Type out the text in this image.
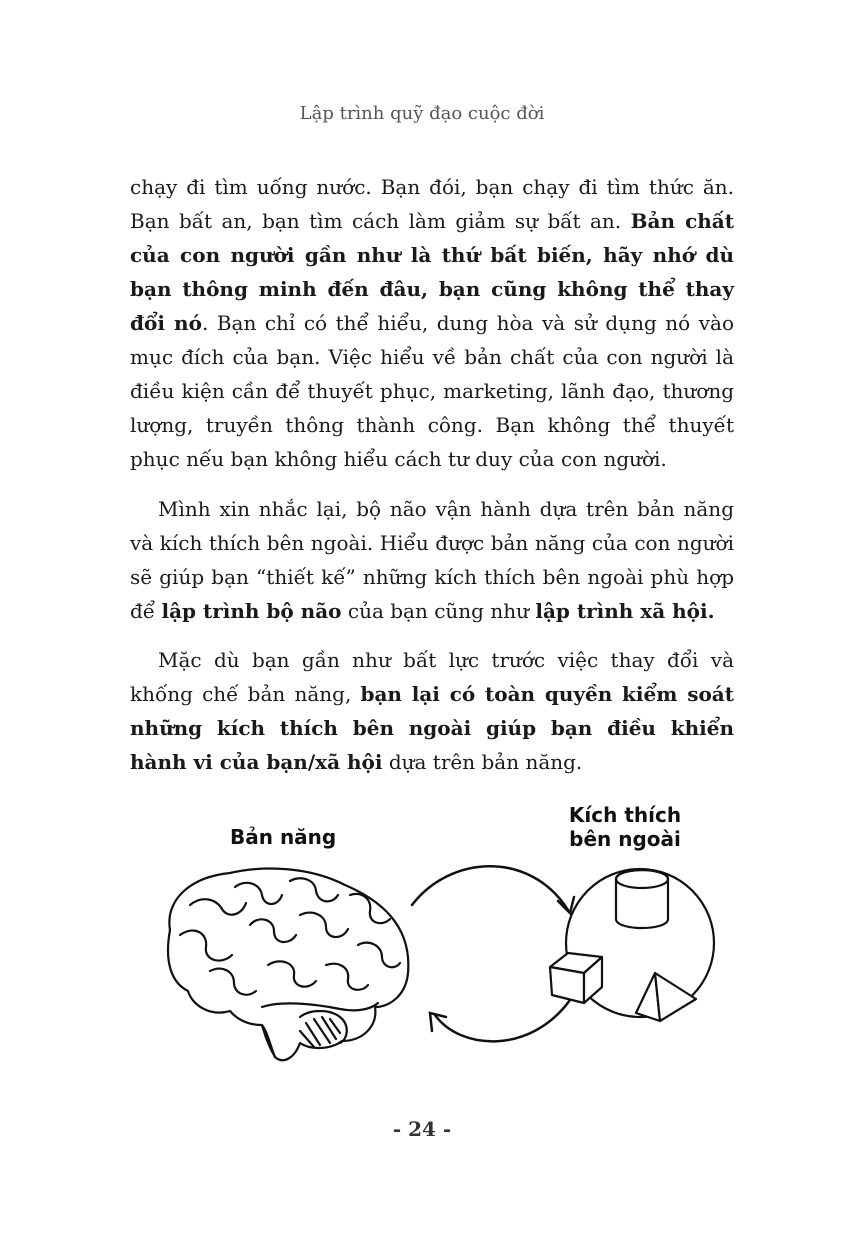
Lập trình quỹ đạo cuộc đời

chạy đi tìm uống nước. Bạn đói, bạn chạy đi tìm thức ăn. Bạn bất an, bạn tìm cách làm giảm sự bất an. Bản chất của con người gần như là thứ bất biến, hãy nhớ dù bạn thông minh đến đâu, bạn cũng không thể thay đổi nó. Bạn chỉ có thể hiểu, dung hòa và sử dụng nó vào mục đích của bạn. Việc hiểu về bản chất của con người là điều kiện cần để thuyết phục, marketing, lãnh đạo, thương lượng, truyền thông thành công. Bạn không thể thuyết phục nếu bạn không hiểu cách tư duy của con người.

Mình xin nhắc lại, bộ não vận hành dựa trên bản năng và kích thích bên ngoài. Hiểu được bản năng của con người sẽ giúp bạn “thiết kế” những kích thích bên ngoài phù hợp để lập trình bộ não của bạn cũng như lập trình xã hội.

Mặc dù bạn gần như bất lực trước việc thay đổi và khống chế bản năng, bạn lại có toàn quyền kiểm soát những kích thích bên ngoài giúp bạn điều khiển hành vi của bạn/xã hội dựa trên bản năng.

Bản năng
Kích thích
bên ngoài
- 24 -
